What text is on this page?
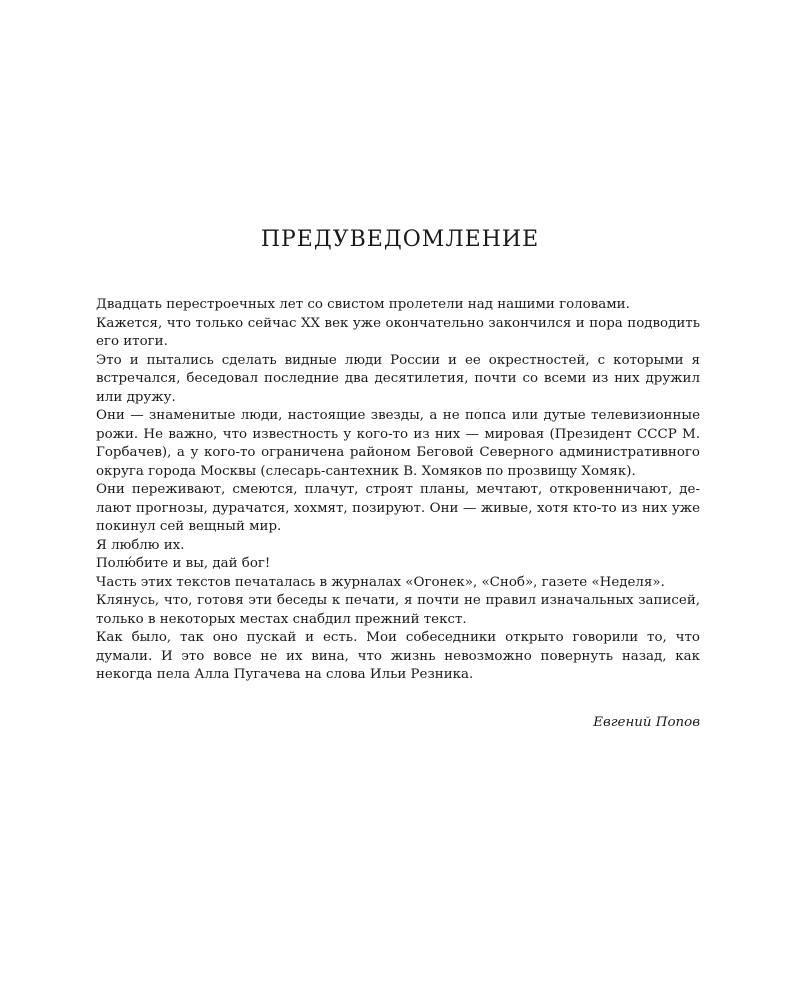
ПРЕДУВЕДОМЛЕНИЕ

Двадцать перестроечных лет со свистом пролетели над нашими головами.

Кажется, что только сейчас XX век уже окончательно закончился и пора подводить его итоги.

Это и пытались сделать видные люди России и ее окрестностей, с которыми я встречался, беседовал последние два десятилетия, почти со всеми из них дружил или дружу.

Они — знаменитые люди, настоящие звезды, а не попса или дутые телевизионные рожи. Не важно, что известность у кого-то из них — мировая (Президент СССР М. Горбачев), а у кого-то ограничена районом Беговой Северного административного округа города Москвы (слесарь-сантехник В. Хомяков по прозвищу Хомяк).

Они переживают, смеются, плачут, строят планы, мечтают, откровенничают, делают прогнозы, дурачатся, хохмят, позируют. Они — живые, хотя кто-то из них уже покинул сей вещный мир.

Я люблю их.

Полю́бите и вы, дай бог!

Часть этих текстов печаталась в журналах «Огонек», «Сноб», газете «Неделя».

Клянусь, что, готовя эти беседы к печати, я почти не правил изначальных записей, только в некоторых местах снабдил прежний текст.

Как было, так оно пускай и есть. Мои собеседники открыто говорили то, что думали. И это вовсе не их вина, что жизнь невозможно повернуть назад, как некогда пела Алла Пугачева на слова Ильи Резника.

Евгений Попов
